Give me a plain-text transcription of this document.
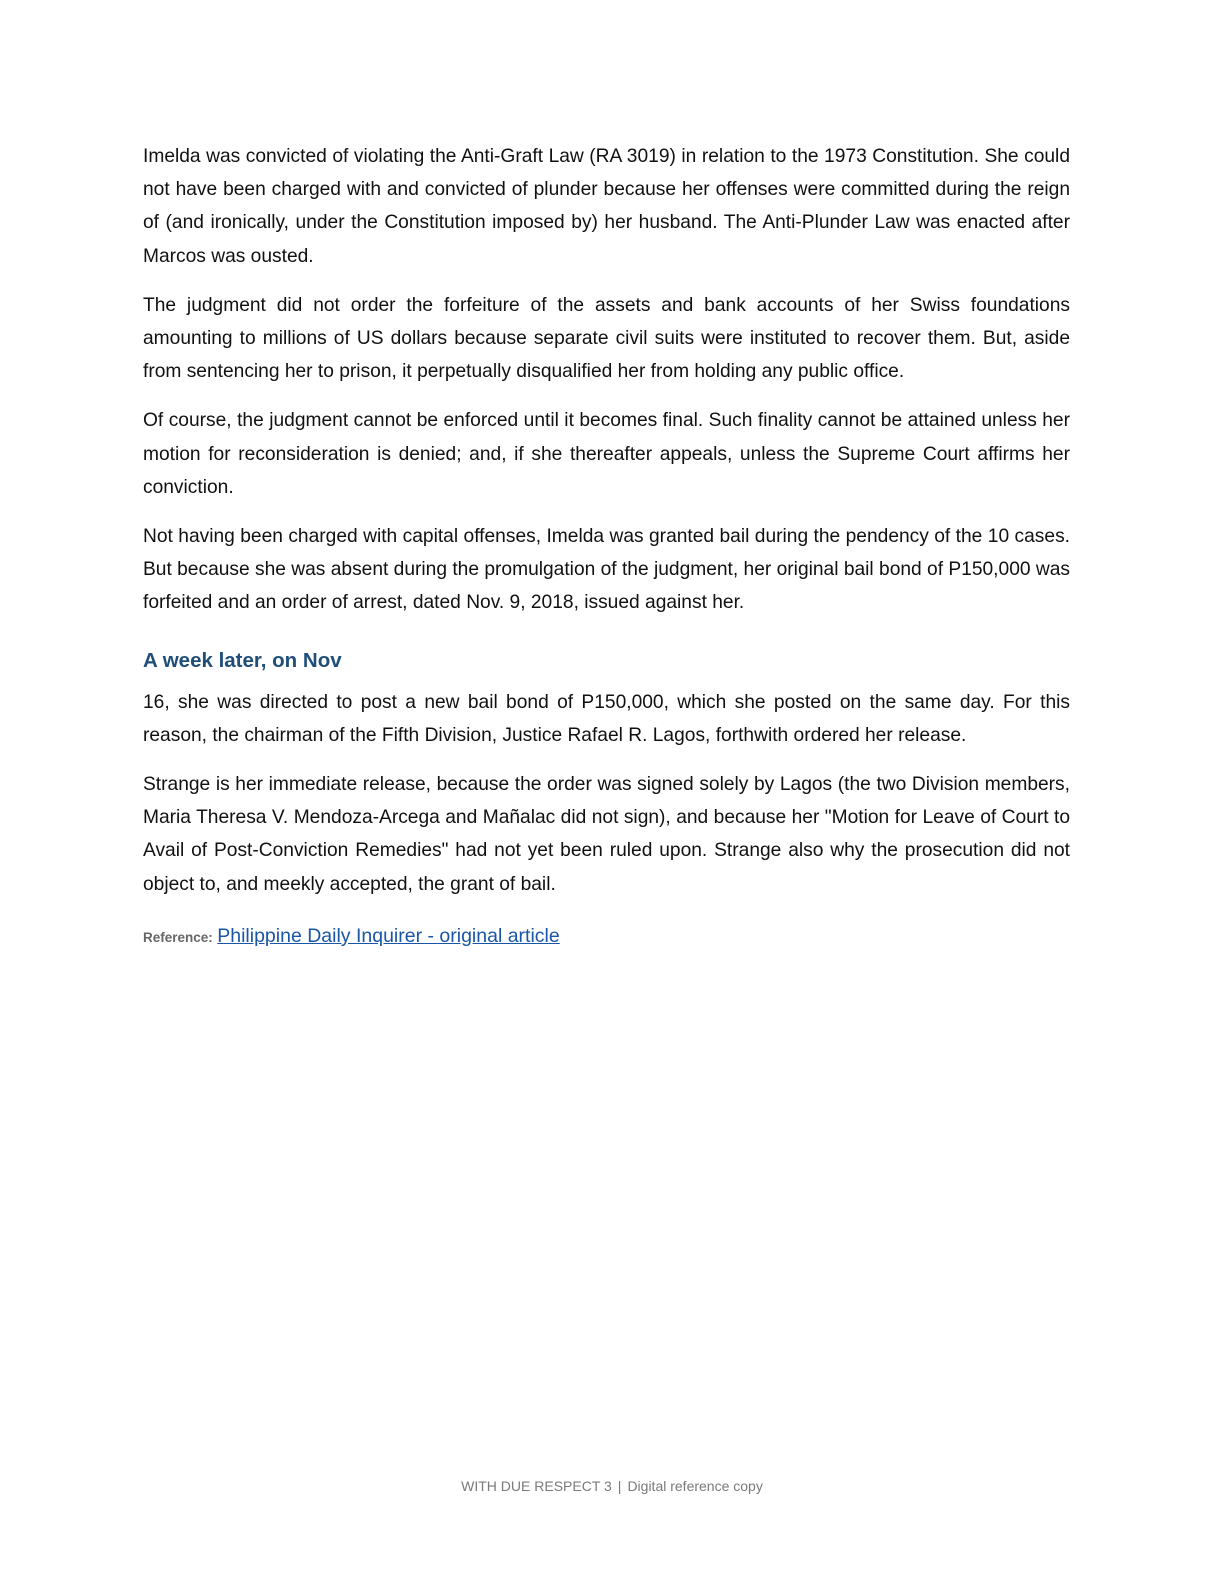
Imelda was convicted of violating the Anti-Graft Law (RA 3019) in relation to the 1973 Constitution. She could not have been charged with and convicted of plunder because her offenses were committed during the reign of (and ironically, under the Constitution imposed by) her husband. The Anti-Plunder Law was enacted after Marcos was ousted.

The judgment did not order the forfeiture of the assets and bank accounts of her Swiss foundations amounting to millions of US dollars because separate civil suits were instituted to recover them. But, aside from sentencing her to prison, it perpetually disqualified her from holding any public office.

Of course, the judgment cannot be enforced until it becomes final. Such finality cannot be attained unless her motion for reconsideration is denied; and, if she thereafter appeals, unless the Supreme Court affirms her conviction.

Not having been charged with capital offenses, Imelda was granted bail during the pendency of the 10 cases. But because she was absent during the promulgation of the judgment, her original bail bond of P150,000 was forfeited and an order of arrest, dated Nov. 9, 2018, issued against her.

A week later, on Nov

16, she was directed to post a new bail bond of P150,000, which she posted on the same day. For this reason, the chairman of the Fifth Division, Justice Rafael R. Lagos, forthwith ordered her release.

Strange is her immediate release, because the order was signed solely by Lagos (the two Division members, Maria Theresa V. Mendoza-Arcega and Mañalac did not sign), and because her "Motion for Leave of Court to Avail of Post-Conviction Remedies" had not yet been ruled upon. Strange also why the prosecution did not object to, and meekly accepted, the grant of bail.

Reference: Philippine Daily Inquirer - original article
WITH DUE RESPECT 3 | Digital reference copy
